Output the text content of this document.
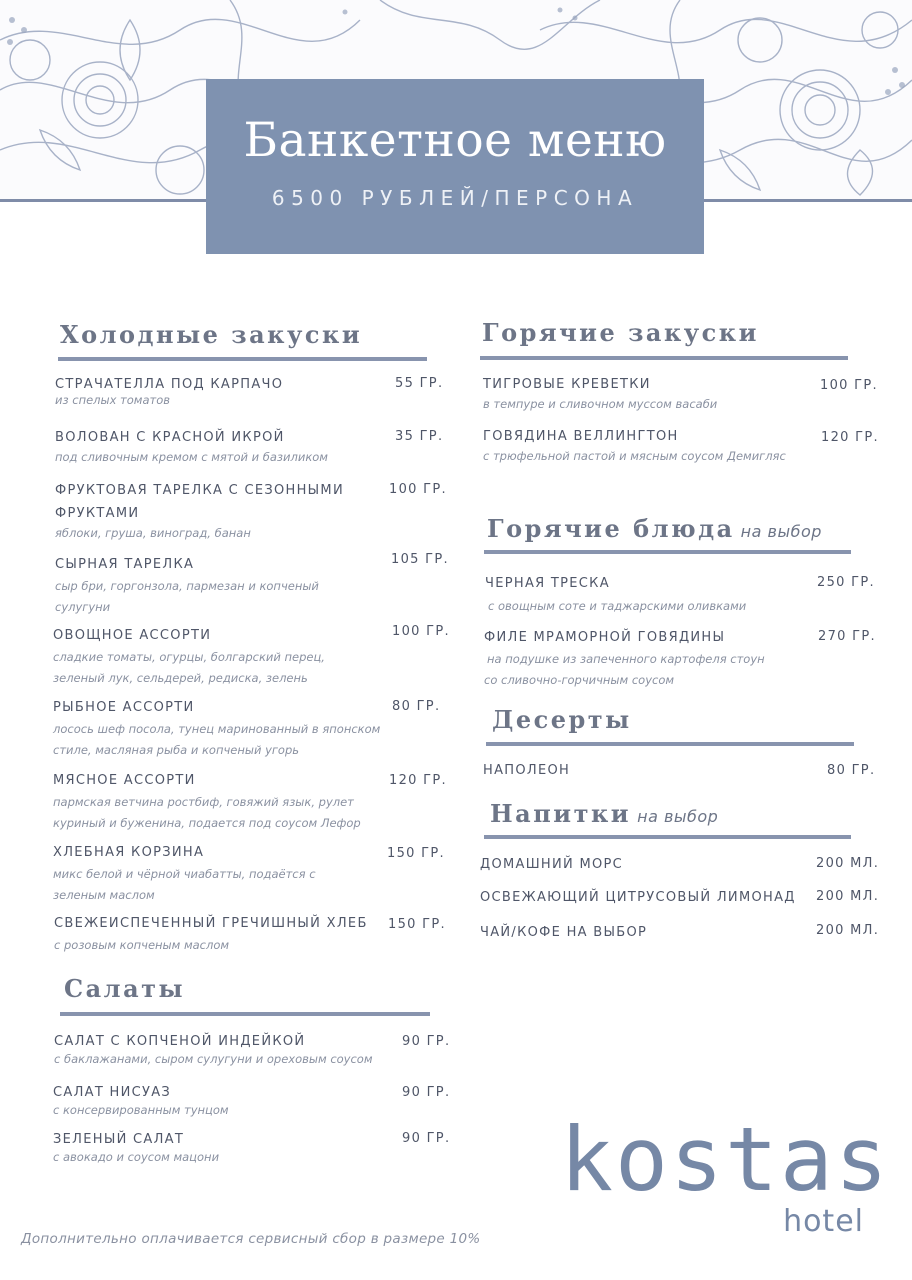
Банкетное меню
6500 РУБЛЕЙ/ПЕРСОНА
Холодные закуски
СТРАЧАТЕЛЛА ПОД КАРПАЧО
из спелых томатов
55 ГР.
ВОЛОВАН С КРАСНОЙ ИКРОЙ
под сливочным кремом с мятой и базиликом
35 ГР.
ФРУКТОВАЯ ТАРЕЛКА С СЕЗОННЫМИ ФРУКТАМИ
яблоки, груша, виноград, банан
100 ГР.
СЫРНАЯ ТАРЕЛКА
сыр бри, горгонзола, пармезан и копченый сулугуни
105 ГР.
ОВОЩНОЕ АССОРТИ
сладкие томаты, огурцы, болгарский перец, зеленый лук, сельдерей, редиска, зелень
100 ГР.
РЫБНОЕ АССОРТИ
лосось шеф посола, тунец маринованный в японском стиле, масляная рыба и копченый угорь
80 ГР.
МЯСНОЕ АССОРТИ
пармская ветчина ростбиф, говяжий язык, рулет куриный и буженина, подается под соусом Лефор
120 ГР.
ХЛЕБНАЯ КОРЗИНА
микс белой и чёрной чиабатты, подаётся с зеленым маслом
150 ГР.
СВЕЖЕИСПЕЧЕННЫЙ ГРЕЧИШНЫЙ ХЛЕБ
с розовым копченым маслом
150 ГР.
Салаты
САЛАТ С КОПЧЕНОЙ ИНДЕЙКОЙ
с баклажанами, сыром сулугуни и ореховым соусом
90 ГР.
САЛАТ НИСУАЗ
с консервированным тунцом
90 ГР.
ЗЕЛЕНЫЙ САЛАТ
с авокадо и соусом мацони
90 ГР.
Горячие закуски
ТИГРОВЫЕ КРЕВЕТКИ
в темпуре и сливочном муссом васаби
100 ГР.
ГОВЯДИНА ВЕЛЛИНГТОН
с трюфельной пастой и мясным соусом Демигляс
120 ГР.
Горячие блюда на выбор
ЧЕРНАЯ ТРЕСКА
с овощным соте и таджарскими оливками
250 ГР.
ФИЛЕ МРАМОРНОЙ ГОВЯДИНЫ
на подушке из запеченного картофеля стоун
со сливочно-горчичным соусом
270 ГР.
Десерты
НАПОЛЕОН	80 ГР.
Напитки на выбор
ДОМАШНИЙ МОРС	200 МЛ.
ОСВЕЖАЮЩИЙ ЦИТРУСОВЫЙ ЛИМОНАД	200 МЛ.
ЧАЙ/КОФЕ НА ВЫБОР	200 МЛ.
kostas
hotel
Дополнительно оплачивается сервисный сбор в размере 10%
